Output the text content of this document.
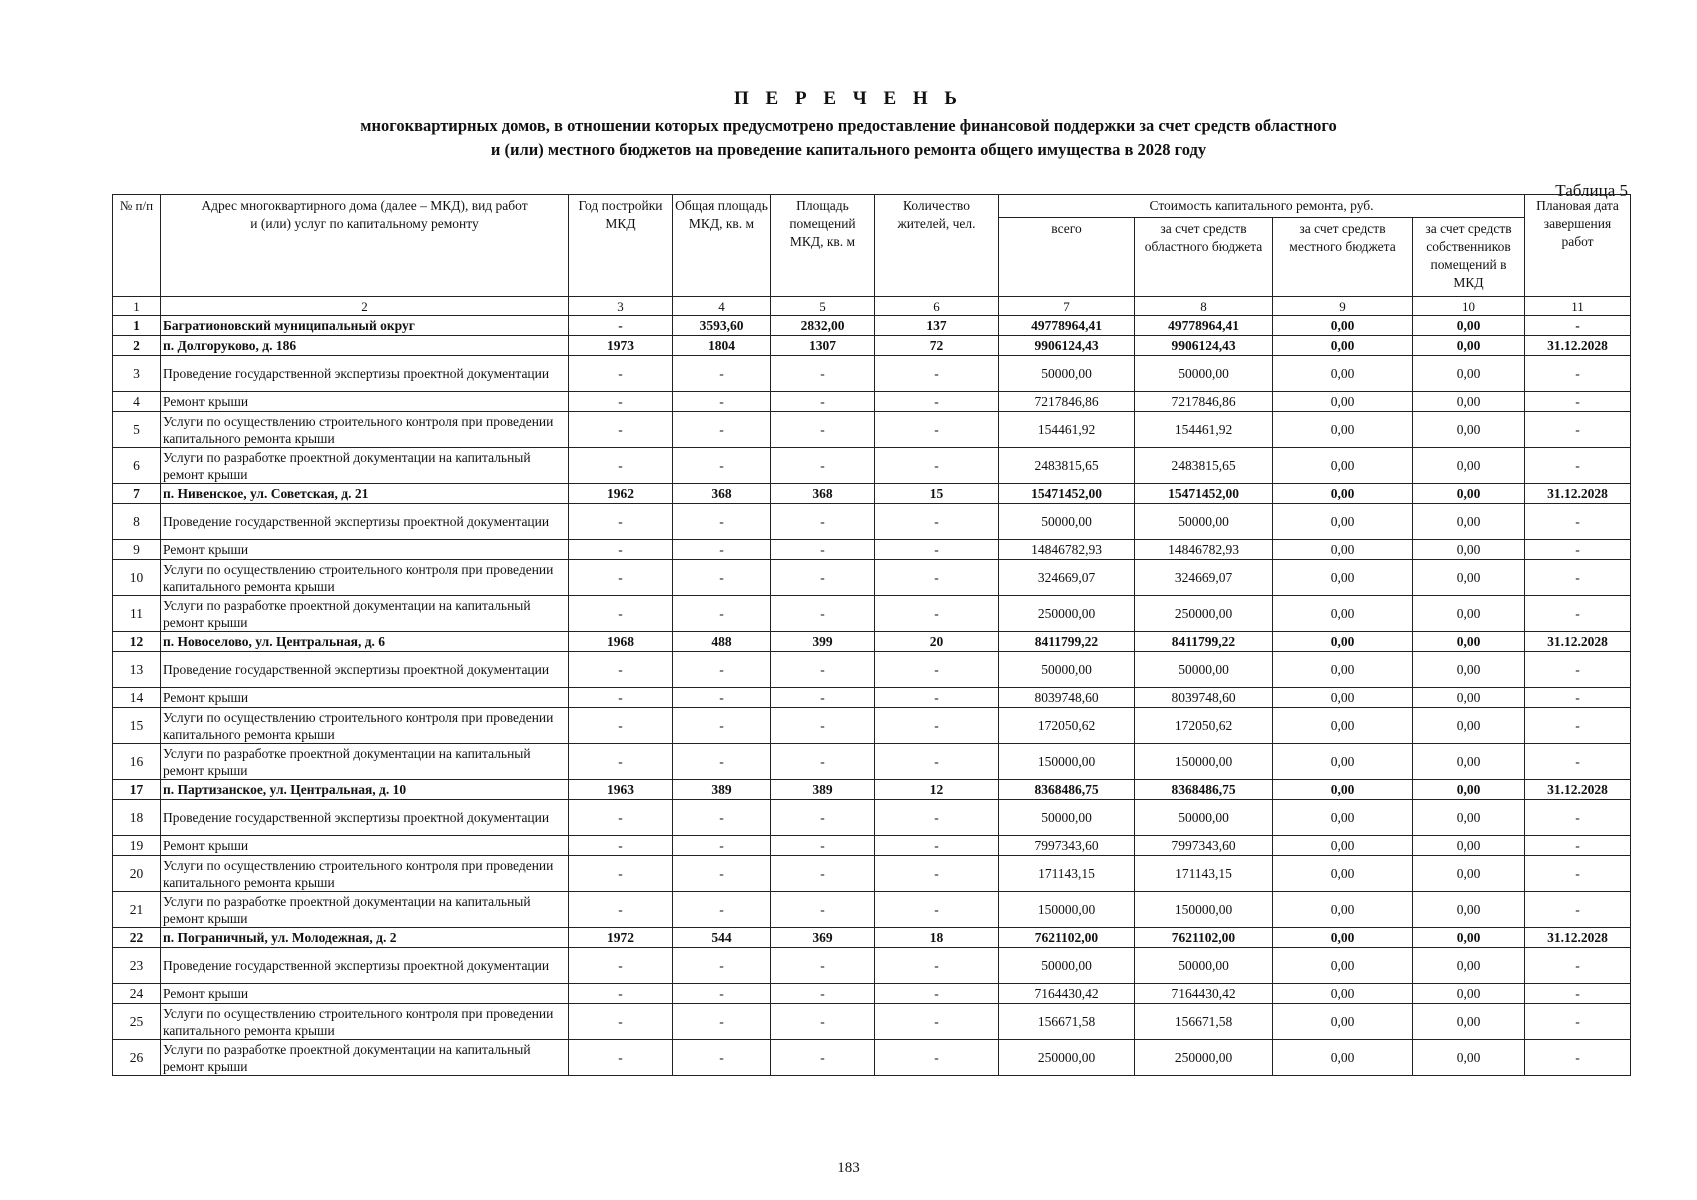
П Е Р Е Ч Е Н Ь

многоквартирных домов, в отношении которых предусмотрено предоставление финансовой поддержки за счет средств областного

и (или) местного бюджетов на проведение капитального ремонта общего имущества в 2028 году

Таблица 5
№ п/п	Адрес многоквартирного дома (далее – МКД), вид работ и (или) услуг по капитальному ремонту	Год постройки МКД	Общая площадь МКД, кв. м	Площадь помещений МКД, кв. м	Количество жителей, чел.	Стоимость капитального ремонта, руб.				Плановая дата завершения работ
						всего	за счет средств областного бюджета	за счет средств местного бюджета	за счет средств собственников помещений в МКД	
1	2	3	4	5	6	7	8	9	10	11
1	Багратионовский муниципальный округ	-	3593,60	2832,00	137	49778964,41	49778964,41	0,00	0,00	-
2	п. Долгоруково, д. 186	1973	1804	1307	72	9906124,43	9906124,43	0,00	0,00	31.12.2028
3	Проведение государственной экспертизы проектной документации	-	-	-	-	50000,00	50000,00	0,00	0,00	-
4	Ремонт крыши	-	-	-	-	7217846,86	7217846,86	0,00	0,00	-
5	Услуги по осуществлению строительного контроля при проведении капитального ремонта крыши	-	-	-	-	154461,92	154461,92	0,00	0,00	-
6	Услуги по разработке проектной документации на капитальный ремонт крыши	-	-	-	-	2483815,65	2483815,65	0,00	0,00	-
7	п. Нивенское, ул. Советская, д. 21	1962	368	368	15	15471452,00	15471452,00	0,00	0,00	31.12.2028
8	Проведение государственной экспертизы проектной документации	-	-	-	-	50000,00	50000,00	0,00	0,00	-
9	Ремонт крыши	-	-	-	-	14846782,93	14846782,93	0,00	0,00	-
10	Услуги по осуществлению строительного контроля при проведении капитального ремонта крыши	-	-	-	-	324669,07	324669,07	0,00	0,00	-
11	Услуги по разработке проектной документации на капитальный ремонт крыши	-	-	-	-	250000,00	250000,00	0,00	0,00	-
12	п. Новоселово, ул. Центральная, д. 6	1968	488	399	20	8411799,22	8411799,22	0,00	0,00	31.12.2028
13	Проведение государственной экспертизы проектной документации	-	-	-	-	50000,00	50000,00	0,00	0,00	-
14	Ремонт крыши	-	-	-	-	8039748,60	8039748,60	0,00	0,00	-
15	Услуги по осуществлению строительного контроля при проведении капитального ремонта крыши	-	-	-	-	172050,62	172050,62	0,00	0,00	-
16	Услуги по разработке проектной документации на капитальный ремонт крыши	-	-	-	-	150000,00	150000,00	0,00	0,00	-
17	п. Партизанское, ул. Центральная, д. 10	1963	389	389	12	8368486,75	8368486,75	0,00	0,00	31.12.2028
18	Проведение государственной экспертизы проектной документации	-	-	-	-	50000,00	50000,00	0,00	0,00	-
19	Ремонт крыши	-	-	-	-	7997343,60	7997343,60	0,00	0,00	-
20	Услуги по осуществлению строительного контроля при проведении капитального ремонта крыши	-	-	-	-	171143,15	171143,15	0,00	0,00	-
21	Услуги по разработке проектной документации на капитальный ремонт крыши	-	-	-	-	150000,00	150000,00	0,00	0,00	-
22	п. Пограничный, ул. Молодежная, д. 2	1972	544	369	18	7621102,00	7621102,00	0,00	0,00	31.12.2028
23	Проведение государственной экспертизы проектной документации	-	-	-	-	50000,00	50000,00	0,00	0,00	-
24	Ремонт крыши	-	-	-	-	7164430,42	7164430,42	0,00	0,00	-
25	Услуги по осуществлению строительного контроля при проведении капитального ремонта крыши	-	-	-	-	156671,58	156671,58	0,00	0,00	-
26	Услуги по разработке проектной документации на капитальный ремонт крыши	-	-	-	-	250000,00	250000,00	0,00	0,00	-
183
